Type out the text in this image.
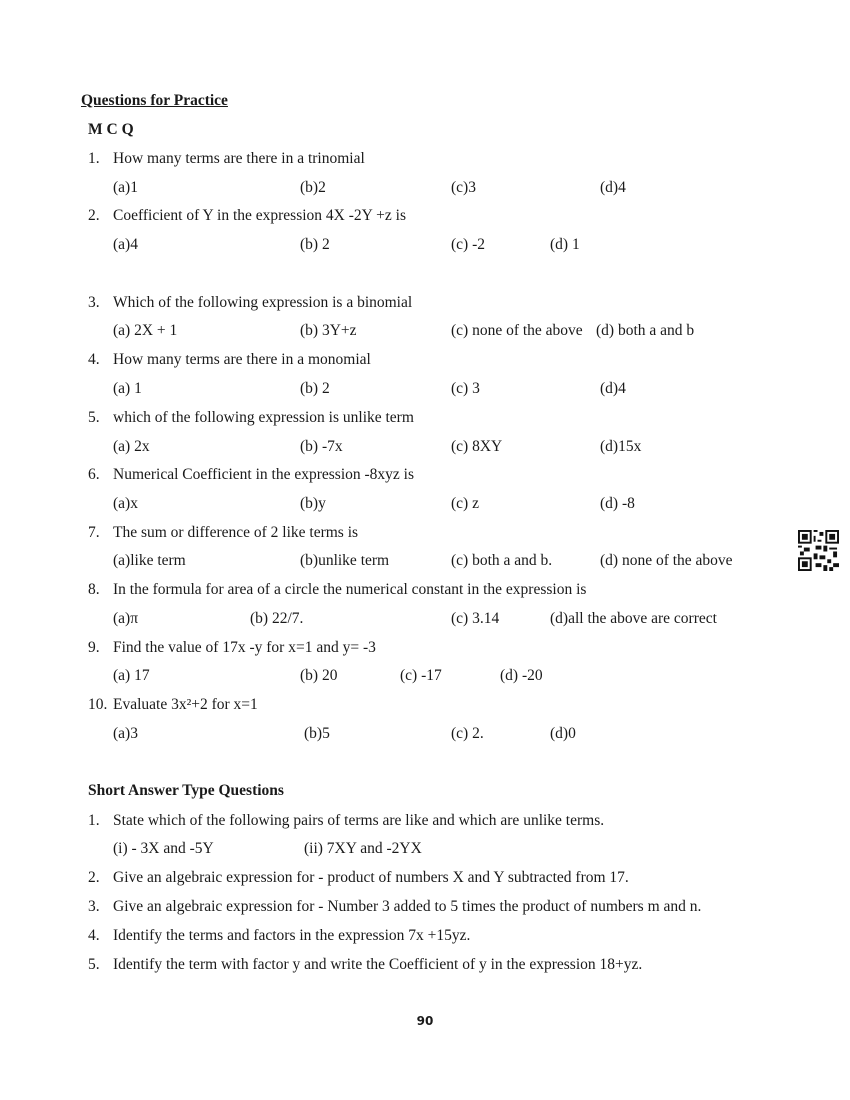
Questions for Practice
M C Q
1. How many terms are there in a trinomial
(a)1	(b)2	(c)3	(d)4
2. Coefficient of Y in the expression 4X -2Y +z is
(a)4	(b) 2	(c) -2	(d) 1
3. Which of the following expression is a binomial
(a) 2X + 1	(b) 3Y+z	(c) none of the above (d) both a and b
4. How many terms are there in a monomial
(a) 1	(b) 2	(c) 3	(d)4
5. which of the following expression is unlike term
(a) 2x	(b) -7x	(c) 8XY	(d)15x
6. Numerical Coefficient in the expression -8xyz is
(a)x	(b)y	(c) z	(d) -8
7. The sum or difference of 2 like terms is
(a)like term	(b)unlike term	(c) both a and b.	(d) none of the above
8. In the formula for area of a circle the numerical constant in the expression is
(a)π	(b) 22/7.	(c) 3.14	(d)all the above are correct
9. Find the value of 17x -y for x=1 and y= -3
(a) 17	(b) 20	(c) -17	(d) -20
10. Evaluate 3x²+2 for x=1
(a)3	(b)5	(c) 2.	(d)0
Short Answer Type Questions
1. State which of the following pairs of terms are like and which are unlike terms.
(i) - 3X and -5Y	(ii) 7XY and -2YX
2. Give an algebraic expression for - product of numbers X and Y subtracted from 17.
3. Give an algebraic expression for - Number 3 added to 5 times the product of numbers m and n.
4. Identify the terms and factors in the expression 7x +15yz.
5. Identify the term with factor y and write the Coefficient of y in the expression 18+yz.
90
